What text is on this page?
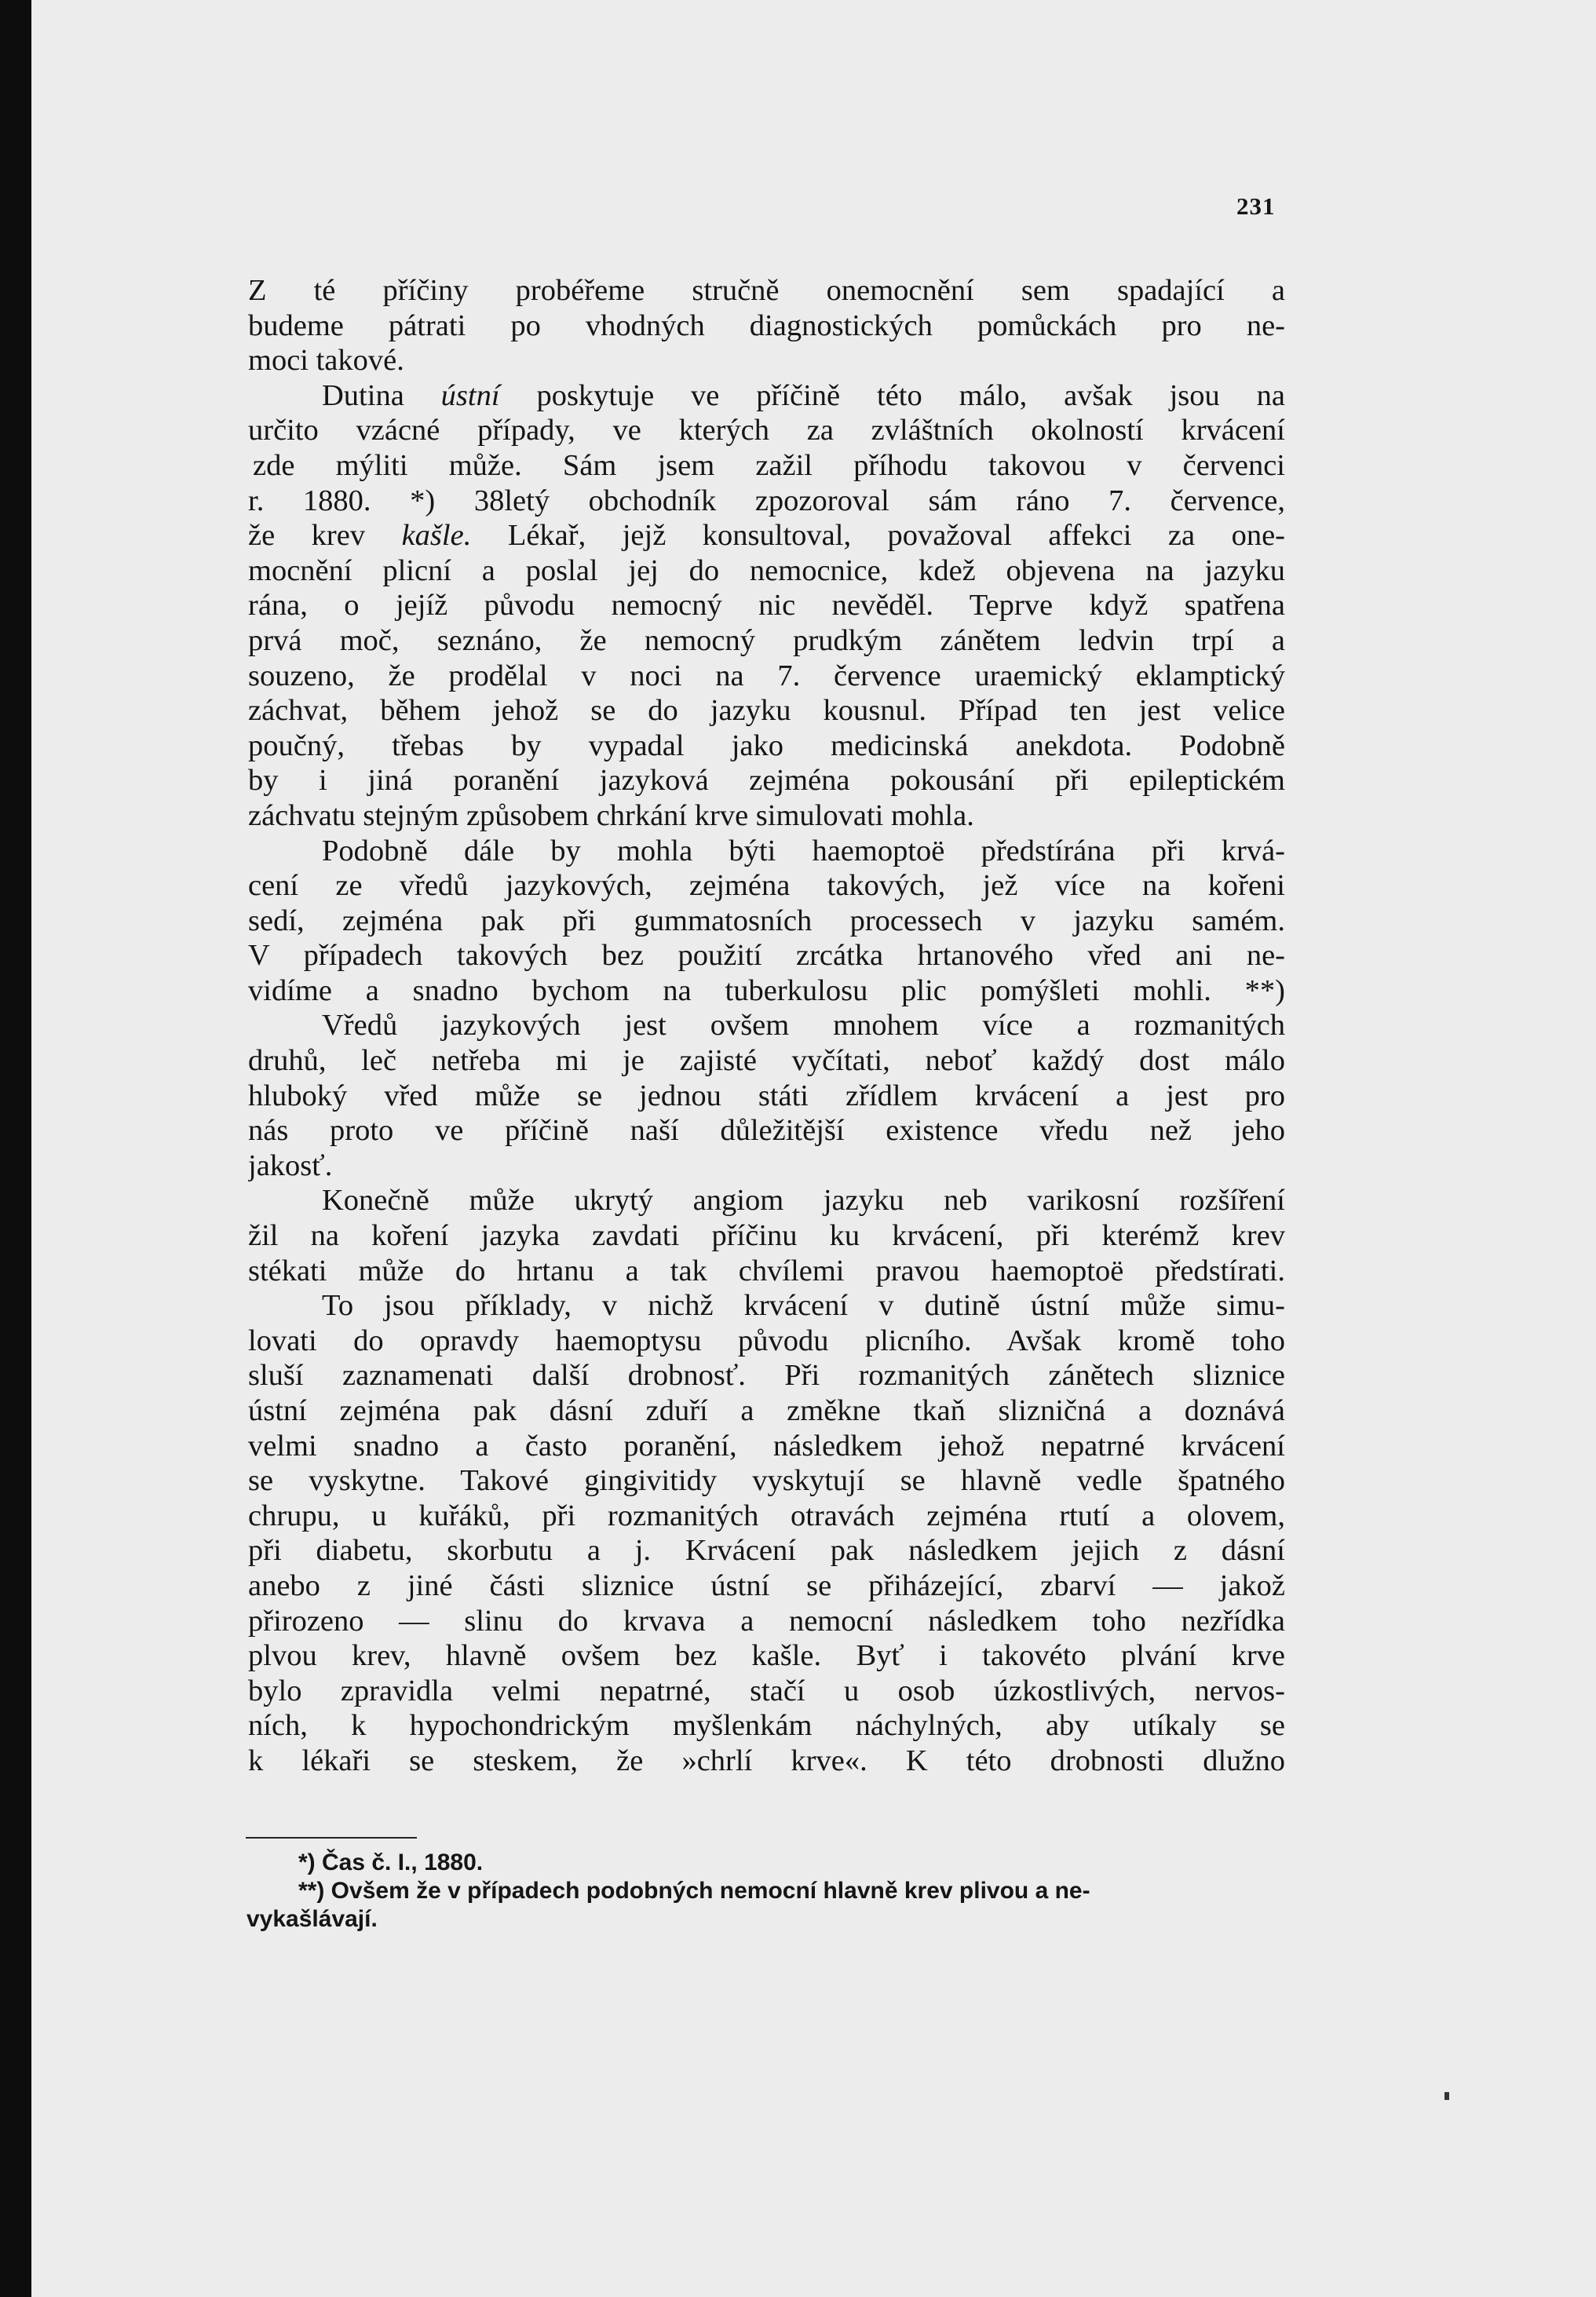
231
Z té příčiny probéřeme stručně onemocnění sem spadající a
budeme pátrati po vhodných diagnostických pomůckách pro ne-
moci takové.
Dutina ústní poskytuje ve příčině této málo, avšak jsou na
určito vzácné případy, ve kterých za zvláštních okolností krvácení
zde mýliti může. Sám jsem zažil příhodu takovou v červenci
r. 1880. *) 38letý obchodník zpozoroval sám ráno 7. července,
že krev kašle. Lékař, jejž konsultoval, považoval affekci za one-
mocnění plicní a poslal jej do nemocnice, kdež objevena na jazyku
rána, o jejíž původu nemocný nic nevěděl. Teprve když spatřena
prvá moč, seznáno, že nemocný prudkým zánětem ledvin trpí a
souzeno, že prodělal v noci na 7. července uraemický eklamptický
záchvat, během jehož se do jazyku kousnul. Případ ten jest velice
poučný, třebas by vypadal jako medicinská anekdota. Podobně
by i jiná poranění jazyková zejména pokousání při epileptickém
záchvatu stejným způsobem chrkání krve simulovati mohla.
Podobně dále by mohla býti haemoptoë předstírána při krvá-
cení ze vředů jazykových, zejména takových, jež více na kořeni
sedí, zejména pak při gummatosních processech v jazyku samém.
V případech takových bez použití zrcátka hrtanového vřed ani ne-
vidíme a snadno bychom na tuberkulosu plic pomýšleti mohli. **)
Vředů jazykových jest ovšem mnohem více a rozmanitých
druhů, leč netřeba mi je zajisté vyčítati, neboť každý dost málo
hluboký vřed může se jednou státi zřídlem krvácení a jest pro
nás proto ve příčině naší důležitější existence vředu než jeho
jakosť.
Konečně může ukrytý angiom jazyku neb varikosní rozšíření
žil na koření jazyka zavdati příčinu ku krvácení, při kterémž krev
stékati může do hrtanu a tak chvílemi pravou haemoptoë předstírati.
To jsou příklady, v nichž krvácení v dutině ústní může simu-
lovati do opravdy haemoptysu původu plicního. Avšak kromě toho
sluší zaznamenati další drobnosť. Při rozmanitých zánětech sliznice
ústní zejména pak dásní zduří a změkne tkaň slizničná a doznává
velmi snadno a často poranění, následkem jehož nepatrné krvácení
se vyskytne. Takové gingivitidy vyskytují se hlavně vedle špatného
chrupu, u kuřáků, při rozmanitých otravách zejména rtutí a olovem,
při diabetu, skorbutu a j. Krvácení pak následkem jejich z dásní
anebo z jiné části sliznice ústní se přiházející, zbarví — jakož
přirozeno — slinu do krvava a nemocní následkem toho nezřídka
plvou krev, hlavně ovšem bez kašle. Byť i takovéto plvání krve
bylo zpravidla velmi nepatrné, stačí u osob úzkostlivých, nervos-
ních, k hypochondrickým myšlenkám náchylných, aby utíkaly se
k lékaři se steskem, že »chrlí krve«. K této drobnosti dlužno
*) Čas č. I., 1880.
**) Ovšem že v případech podobných nemocní hlavně krev plivou a ne-
vykašlávají.
